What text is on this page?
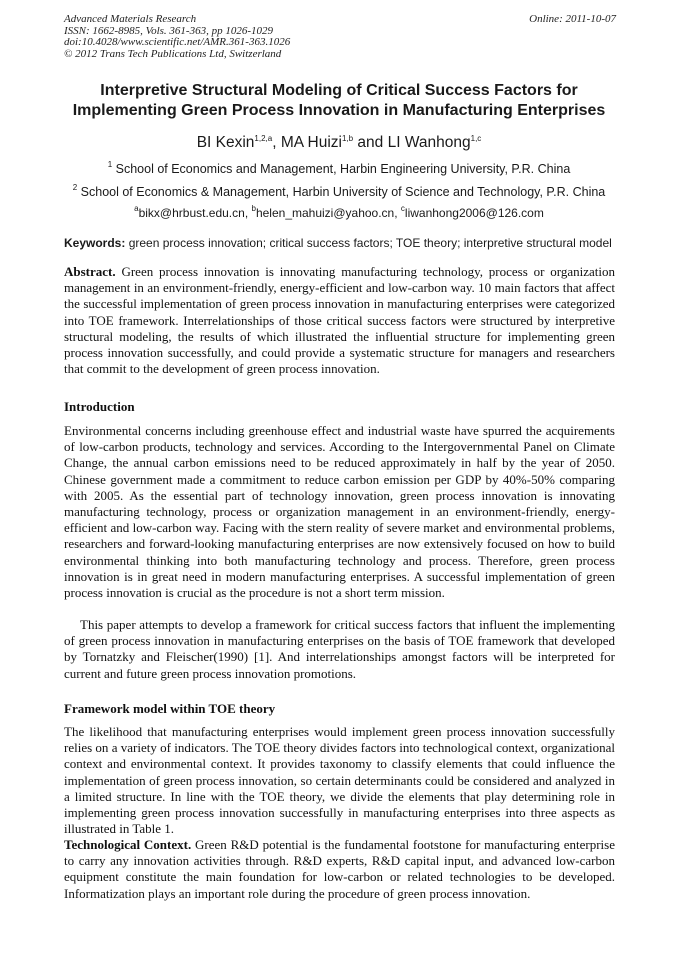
Advanced Materials Research
ISSN: 1662-8985, Vols. 361-363, pp 1026-1029
doi:10.4028/www.scientific.net/AMR.361-363.1026
© 2012 Trans Tech Publications Ltd, Switzerland
Online: 2011-10-07
Interpretive Structural Modeling of Critical Success Factors for
Implementing Green Process Innovation in Manufacturing Enterprises
BI Kexin$^{1,2,a}$, MA Huizi$^{1,b}$ and LI Wanhong$^{1,c}$
$^1$ School of Economics and Management, Harbin Engineering University, P.R. China
$^2$ School of Economics & Management, Harbin University of Science and Technology, P.R. China
$^a$bikx@hrbust.edu.cn, $^b$helen_mahuizi@yahoo.cn, $^c$liwanhong2006@126.com
Keywords: green process innovation; critical success factors; TOE theory; interpretive structural model
Abstract. Green process innovation is innovating manufacturing technology, process or organization management in an environment-friendly, energy-efficient and low-carbon way. 10 main factors that affect the successful implementation of green process innovation in manufacturing enterprises were categorized into TOE framework. Interrelationships of those critical success factors were structured by interpretive structural modeling, the results of which illustrated the influential structure for implementing green process innovation successfully, and could provide a systematic structure for managers and researchers that commit to the development of green process innovation.
Introduction
Environmental concerns including greenhouse effect and industrial waste have spurred the acquirements of low-carbon products, technology and services. According to the Intergovernmental Panel on Climate Change, the annual carbon emissions need to be reduced approximately in half by the year of 2050. Chinese government made a commitment to reduce carbon emission per GDP by 40%-50% comparing with 2005. As the essential part of technology innovation, green process innovation is innovating manufacturing technology, process or organization management in an environment-friendly, energy-efficient and low-carbon way. Facing with the stern reality of severe market and environmental problems, researchers and forward-looking manufacturing enterprises are now extensively focused on how to build environmental thinking into both manufacturing technology and process. Therefore, green process innovation is in great need in modern manufacturing enterprises. A successful implementation of green process innovation is crucial as the procedure is not a short term mission.
This paper attempts to develop a framework for critical success factors that influent the implementing of green process innovation in manufacturing enterprises on the basis of TOE framework that developed by Tornatzky and Fleischer(1990) [1]. And interrelationships amongst factors will be interpreted for current and future green process innovation promotions.
Framework model within TOE theory
The likelihood that manufacturing enterprises would implement green process innovation successfully relies on a variety of indicators. The TOE theory divides factors into technological context, organizational context and environmental context. It provides taxonomy to classify elements that could influence the implementation of green process innovation, so certain determinants could be considered and analyzed in a limited structure. In line with the TOE theory, we divide the elements that play determining role in implementing green process innovation successfully in manufacturing enterprises into three aspects as illustrated in Table 1.
Technological Context. Green R&D potential is the fundamental footstone for manufacturing enterprise to carry any innovation activities through. R&D experts, R&D capital input, and advanced low-carbon equipment constitute the main foundation for low-carbon or related technologies to be developed. Informatization plays an important role during the procedure of green process innovation.
